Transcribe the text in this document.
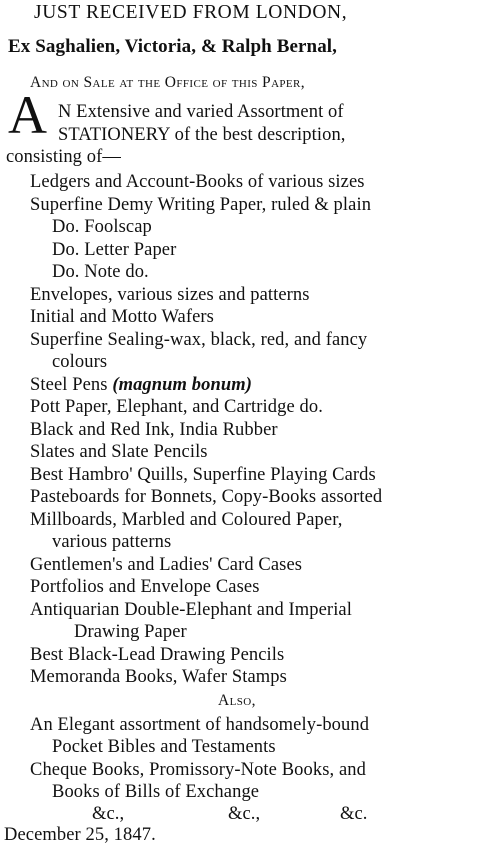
JUST RECEIVED FROM LONDON,
Ex Saghalien, Victoria, & Ralph Bernal,
And on Sale at the Office of this Paper,
A N Extensive and varied Assortment of
STATIONERY of the best description,
consisting of—
Ledgers and Account-Books of various sizes
Superfine Demy Writing Paper, ruled & plain
Do. Foolscap
Do. Letter Paper
Do. Note do.
Envelopes, various sizes and patterns
Initial and Motto Wafers
Superfine Sealing-wax, black, red, and fancy
colours
Steel Pens (magnum bonum)
Pott Paper, Elephant, and Cartridge do.
Black and Red Ink, India Rubber
Slates and Slate Pencils
Best Hambro' Quills, Superfine Playing Cards
Pasteboards for Bonnets, Copy-Books assorted
Millboards, Marbled and Coloured Paper,
various patterns
Gentlemen's and Ladies' Card Cases
Portfolios and Envelope Cases
Antiquarian Double-Elephant and Imperial
Drawing Paper
Best Black-Lead Drawing Pencils
Memoranda Books, Wafer Stamps
Also,
An Elegant assortment of handsomely-bound
Pocket Bibles and Testaments
Cheque Books, Promissory-Note Books, and
Books of Bills of Exchange
&c.,	&c.,	&c.
December 25, 1847.
